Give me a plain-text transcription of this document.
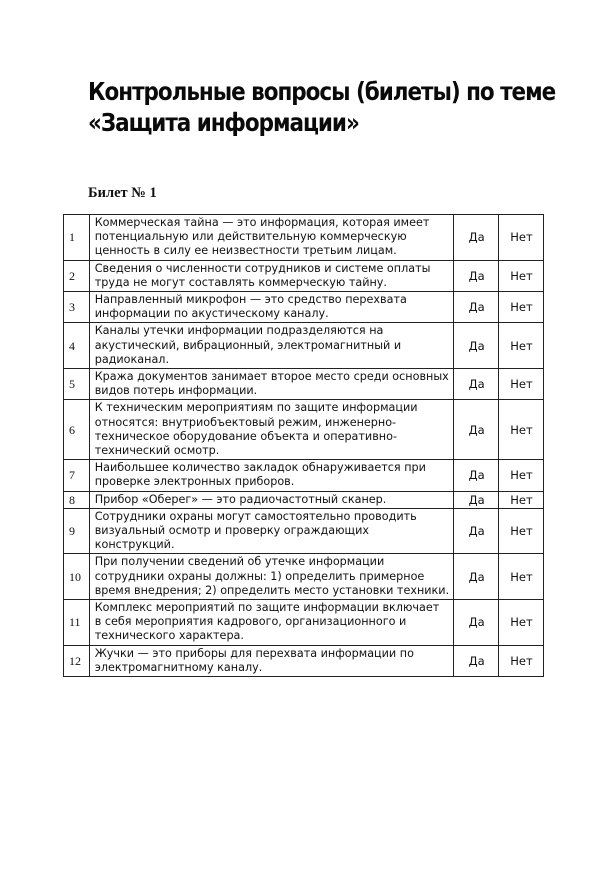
Контрольные вопросы (билеты) по теме
«Защита информации»
Билет № 1
1	Коммерческая тайна — это информация, которая имеет потенциальную или действительную коммерческую ценность в силу ее неизвестности третьим лицам.	Да	Нет
2	Сведения о численности сотрудников и системе оплаты труда не могут составлять коммерческую тайну.	Да	Нет
3	Направленный микрофон — это средство перехвата информации по акустическому каналу.	Да	Нет
4	Каналы утечки информации подразделяются на акустический, вибрационный, электромагнитный и радиоканал.	Да	Нет
5	Кража документов занимает второе место среди основных видов потерь информации.	Да	Нет
6	К техническим мероприятиям по защите информации относятся: внутриобъектовый режим, инженерно-техническое оборудование объекта и оперативно-технический осмотр.	Да	Нет
7	Наибольшее количество закладок обнаруживается при проверке электронных приборов.	Да	Нет
8	Прибор «Оберег» — это радиочастотный сканер.	Да	Нет
9	Сотрудники охраны могут самостоятельно проводить визуальный осмотр и проверку ограждающих конструкций.	Да	Нет
10	При получении сведений об утечке информации сотрудники охраны должны: 1) определить примерное время внедрения; 2) определить место установки техники.	Да	Нет
11	Комплекс мероприятий по защите информации включает в себя мероприятия кадрового, организационного и технического характера.	Да	Нет
12	Жучки — это приборы для перехвата информации по электромагнитному каналу.	Да	Нет
